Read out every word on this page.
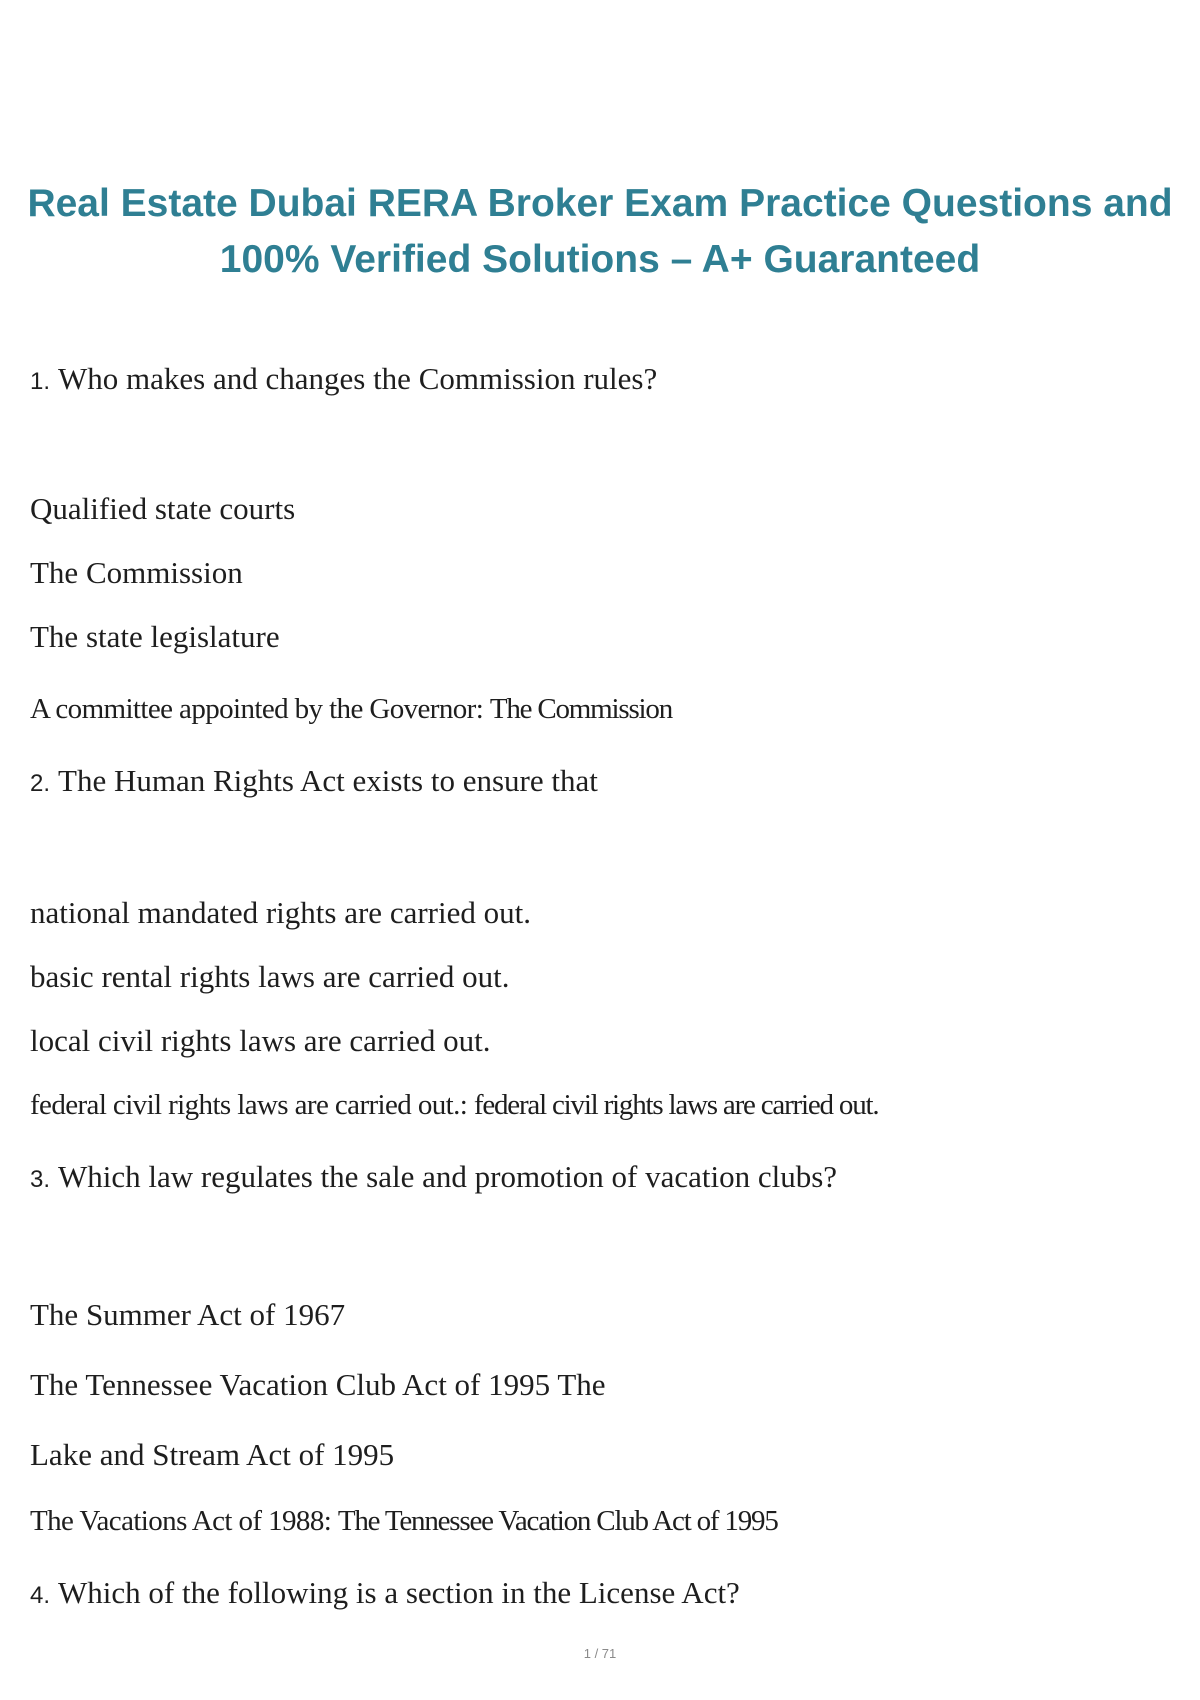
Real Estate Dubai RERA Broker Exam Practice Questions and
100% Verified Solutions – A+ Guaranteed

1. Who makes and changes the Commission rules?

Qualified state courts

The Commission

The state legislature

A committee appointed by the Governor: The Commission

2. The Human Rights Act exists to ensure that

national mandated rights are carried out.

basic rental rights laws are carried out.

local civil rights laws are carried out.

federal civil rights laws are carried out.: federal civil rights laws are carried out.

3. Which law regulates the sale and promotion of vacation clubs?

The Summer Act of 1967

The Tennessee Vacation Club Act of 1995 The

Lake and Stream Act of 1995

The Vacations Act of 1988: The Tennessee Vacation Club Act of 1995

4. Which of the following is a section in the License Act?

1 / 71
